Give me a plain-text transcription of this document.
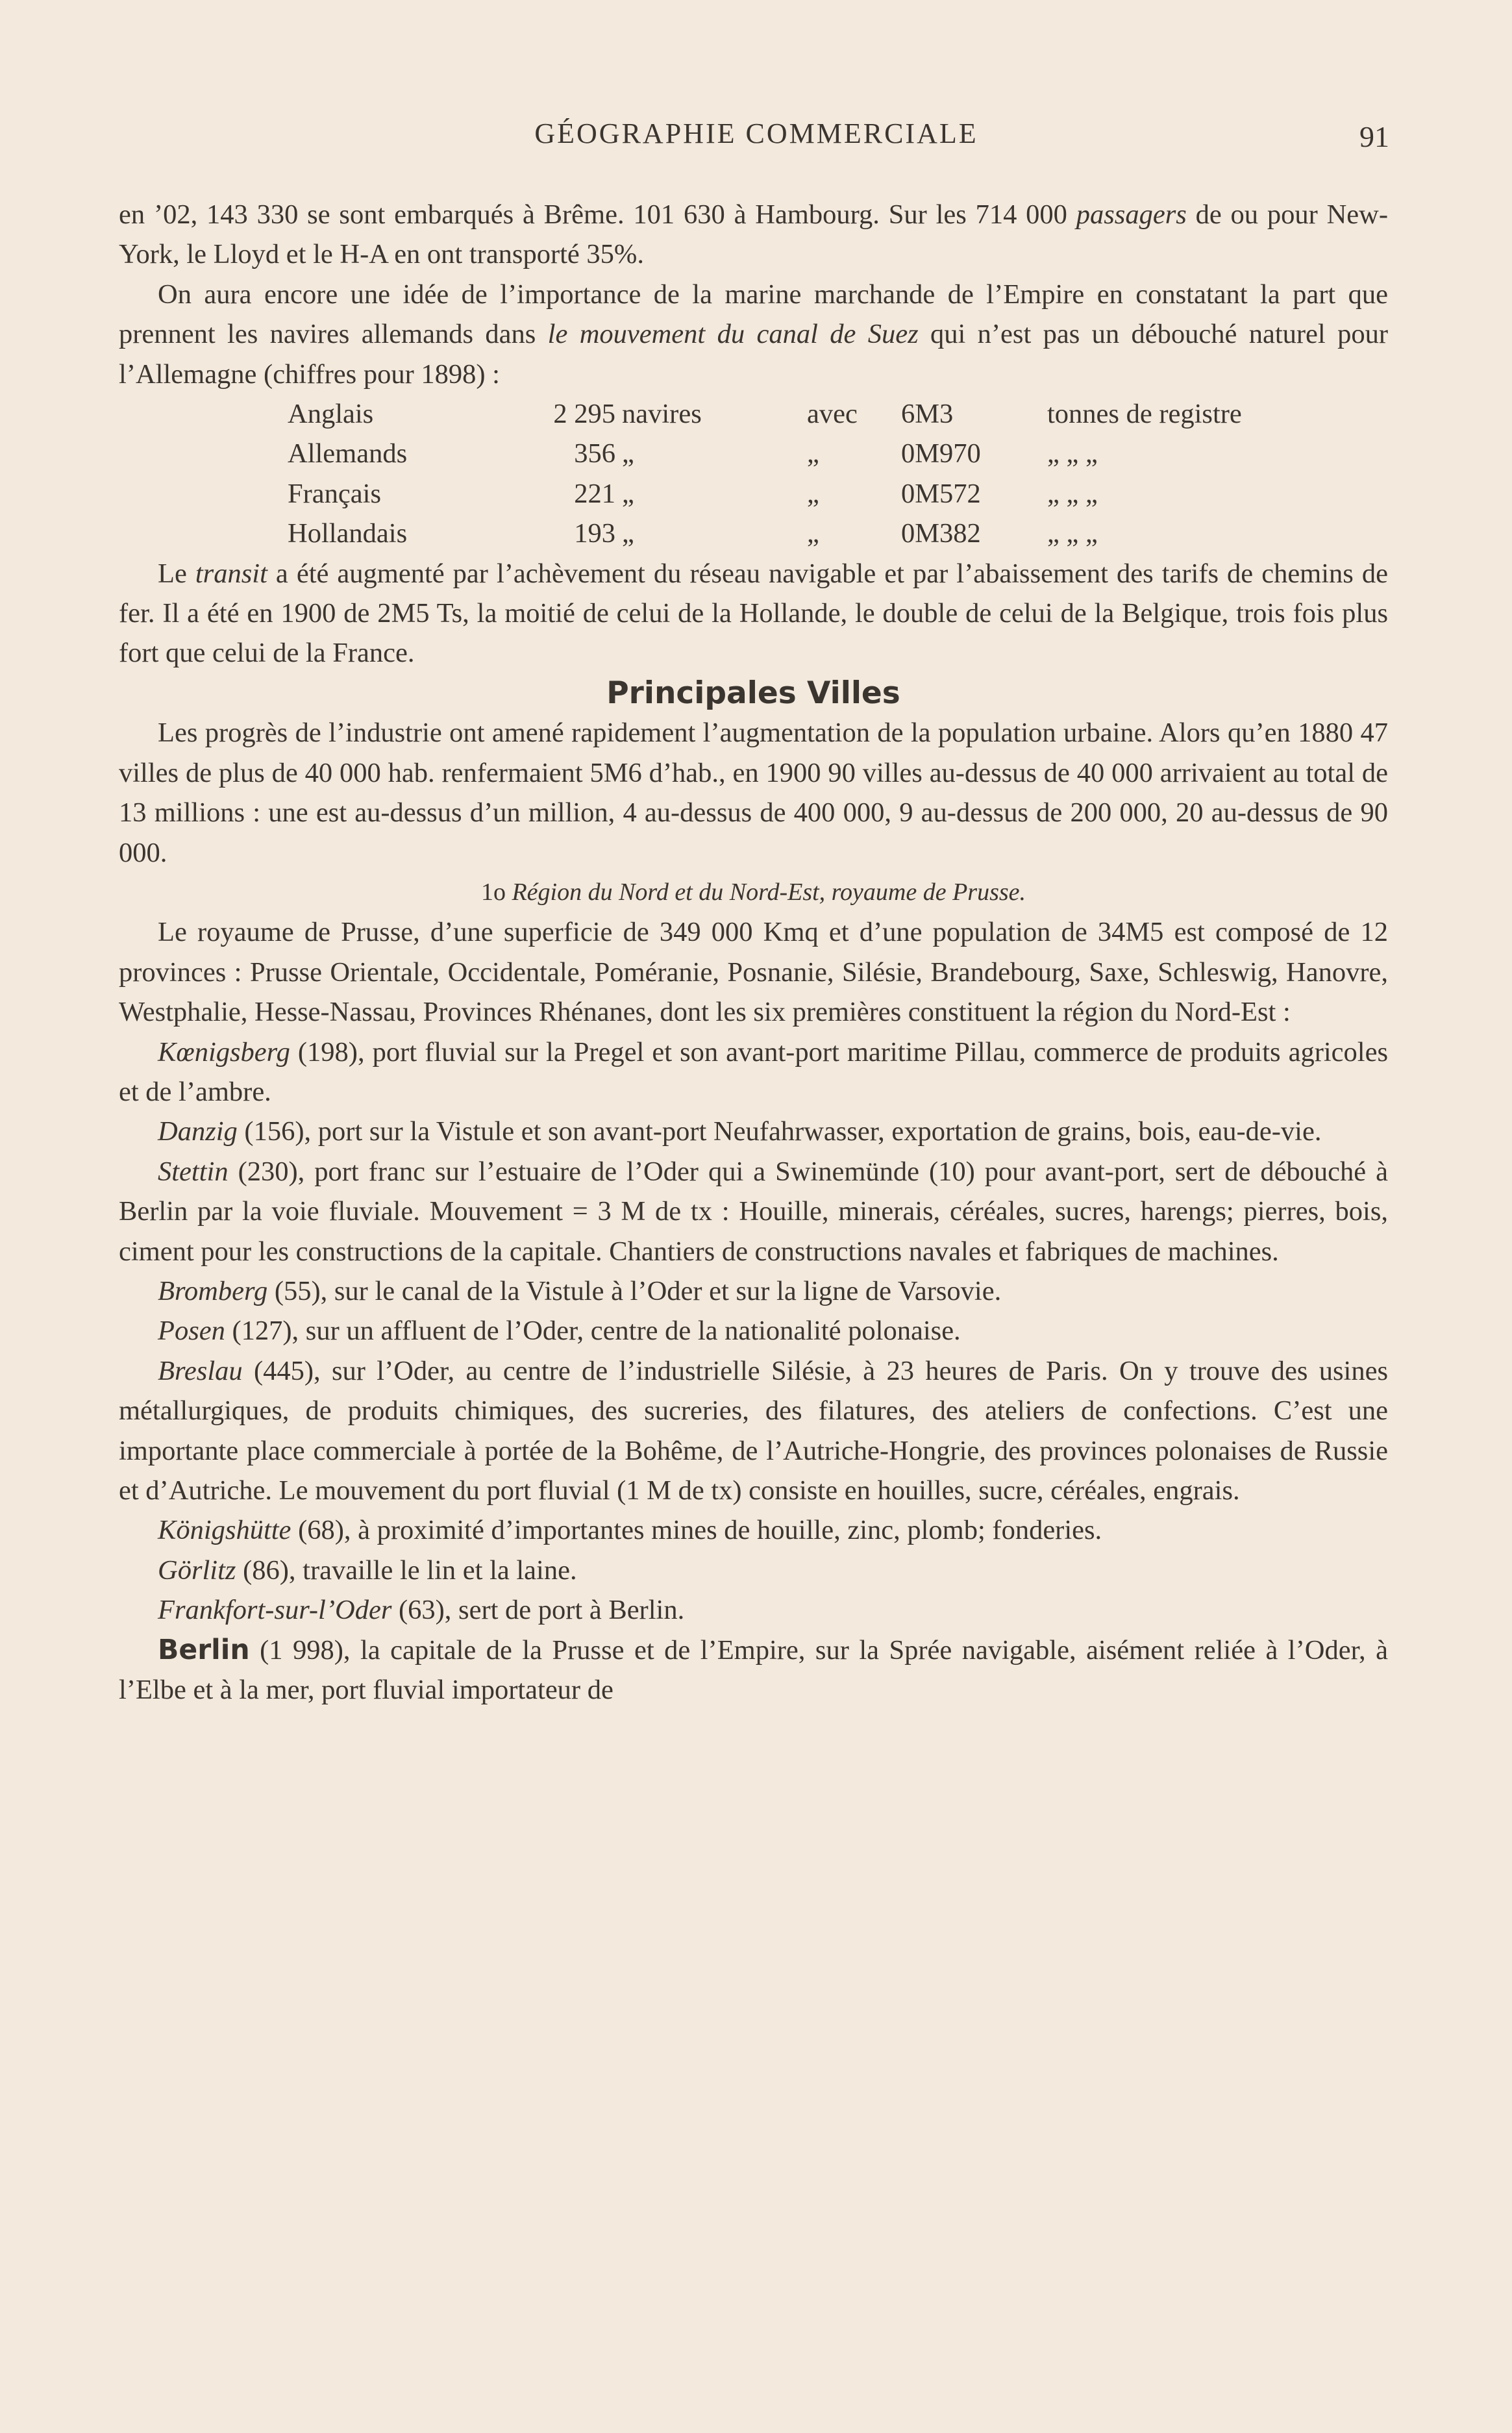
GÉOGRAPHIE COMMERCIALE	91

en ’02, 143 330 se sont embarqués à Brême. 101 630 à Hambourg. Sur les 714 000 passagers de ou pour New-York, le Lloyd et le H-A en ont transporté 35%.

On aura encore une idée de l’importance de la marine marchande de l’Empire en constatant la part que prennent les navires allemands dans le mouvement du canal de Suez qui n’est pas un débouché naturel pour l’Allemagne (chiffres pour 1898) :

Anglais	2 295	navires	avec	6M3	tonnes de registre
Allemands	356	„	„	0M970	„ „ „
Français	221	„	„	0M572	„ „ „
Hollandais	193	„	„	0M382	„ „ „

Le transit a été augmenté par l’achèvement du réseau navigable et par l’abaissement des tarifs de chemins de fer. Il a été en 1900 de 2M5 Ts, la moitié de celui de la Hollande, le double de celui de la Belgique, trois fois plus fort que celui de la France.

Principales Villes

Les progrès de l’industrie ont amené rapidement l’augmentation de la population urbaine. Alors qu’en 1880 47 villes de plus de 40 000 hab. renfermaient 5M6 d’hab., en 1900 90 villes au-dessus de 40 000 arrivaient au total de 13 millions : une est au-dessus d’un million, 4 au-dessus de 400 000, 9 au-dessus de 200 000, 20 au-dessus de 90 000.

1o Région du Nord et du Nord-Est, royaume de Prusse.

Le royaume de Prusse, d’une superficie de 349 000 Kmq et d’une population de 34M5 est composé de 12 provinces : Prusse Orientale, Occidentale, Poméranie, Posnanie, Silésie, Brandebourg, Saxe, Schleswig, Hanovre, Westphalie, Hesse-Nassau, Provinces Rhénanes, dont les six premières constituent la région du Nord-Est :

Kœnigsberg (198), port fluvial sur la Pregel et son avant-port maritime Pillau, commerce de produits agricoles et de l’ambre.

Danzig (156), port sur la Vistule et son avant-port Neufahrwasser, exportation de grains, bois, eau-de-vie.

Stettin (230), port franc sur l’estuaire de l’Oder qui a Swinemünde (10) pour avant-port, sert de débouché à Berlin par la voie fluviale. Mouvement = 3 M de tx : Houille, minerais, céréales, sucres, harengs; pierres, bois, ciment pour les constructions de la capitale. Chantiers de constructions navales et fabriques de machines.

Bromberg (55), sur le canal de la Vistule à l’Oder et sur la ligne de Varsovie.

Posen (127), sur un affluent de l’Oder, centre de la nationalité polonaise.

Breslau (445), sur l’Oder, au centre de l’industrielle Silésie, à 23 heures de Paris. On y trouve des usines métallurgiques, de produits chimiques, des sucreries, des filatures, des ateliers de confections. C’est une importante place commerciale à portée de la Bohême, de l’Autriche-Hongrie, des provinces polonaises de Russie et d’Autriche. Le mouvement du port fluvial (1 M de tx) consiste en houilles, sucre, céréales, engrais.

Königshütte (68), à proximité d’importantes mines de houille, zinc, plomb; fonderies.

Görlitz (86), travaille le lin et la laine.

Frankfort-sur-l’Oder (63), sert de port à Berlin.

Berlin (1 998), la capitale de la Prusse et de l’Empire, sur la Sprée navigable, aisément reliée à l’Oder, à l’Elbe et à la mer, port fluvial importateur de
